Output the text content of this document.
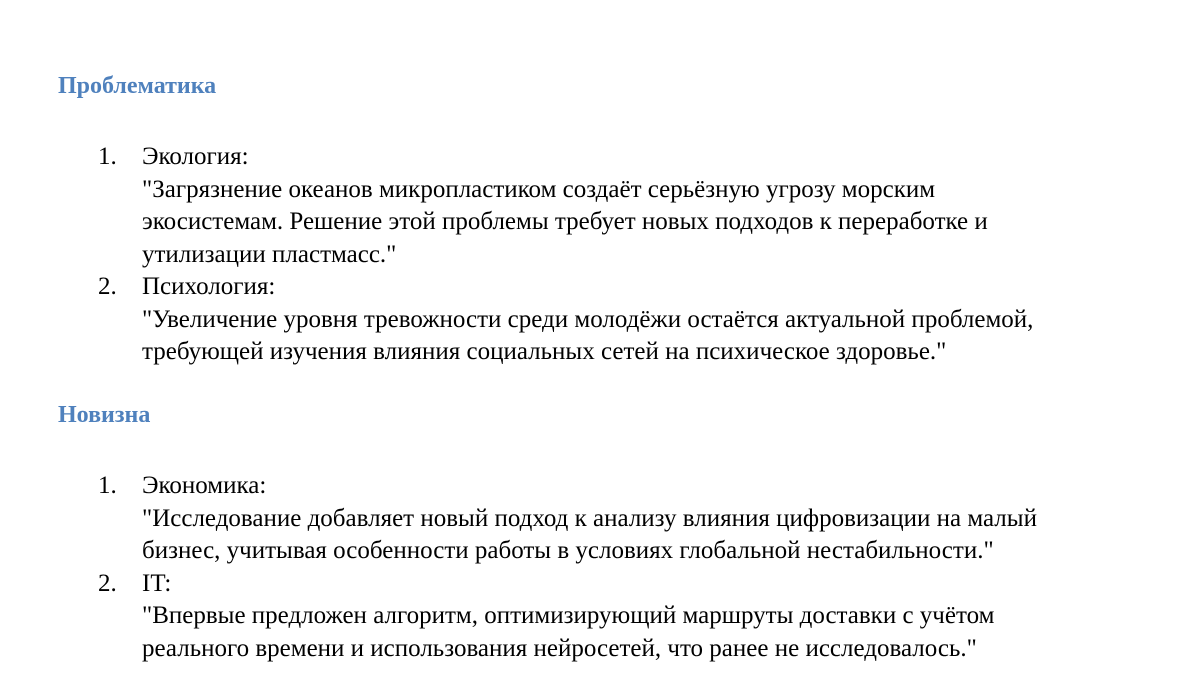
Проблематика
1. Экология:
"Загрязнение океанов микропластиком создаёт серьёзную угрозу морским
экосистемам. Решение этой проблемы требует новых подходов к переработке и
утилизации пластмасс."
2. Психология:
"Увеличение уровня тревожности среди молодёжи остаётся актуальной проблемой,
требующей изучения влияния социальных сетей на психическое здоровье."
Новизна
1. Экономика:
"Исследование добавляет новый подход к анализу влияния цифровизации на малый
бизнес, учитывая особенности работы в условиях глобальной нестабильности."
2. IT:
"Впервые предложен алгоритм, оптимизирующий маршруты доставки с учётом
реального времени и использования нейросетей, что ранее не исследовалось."
